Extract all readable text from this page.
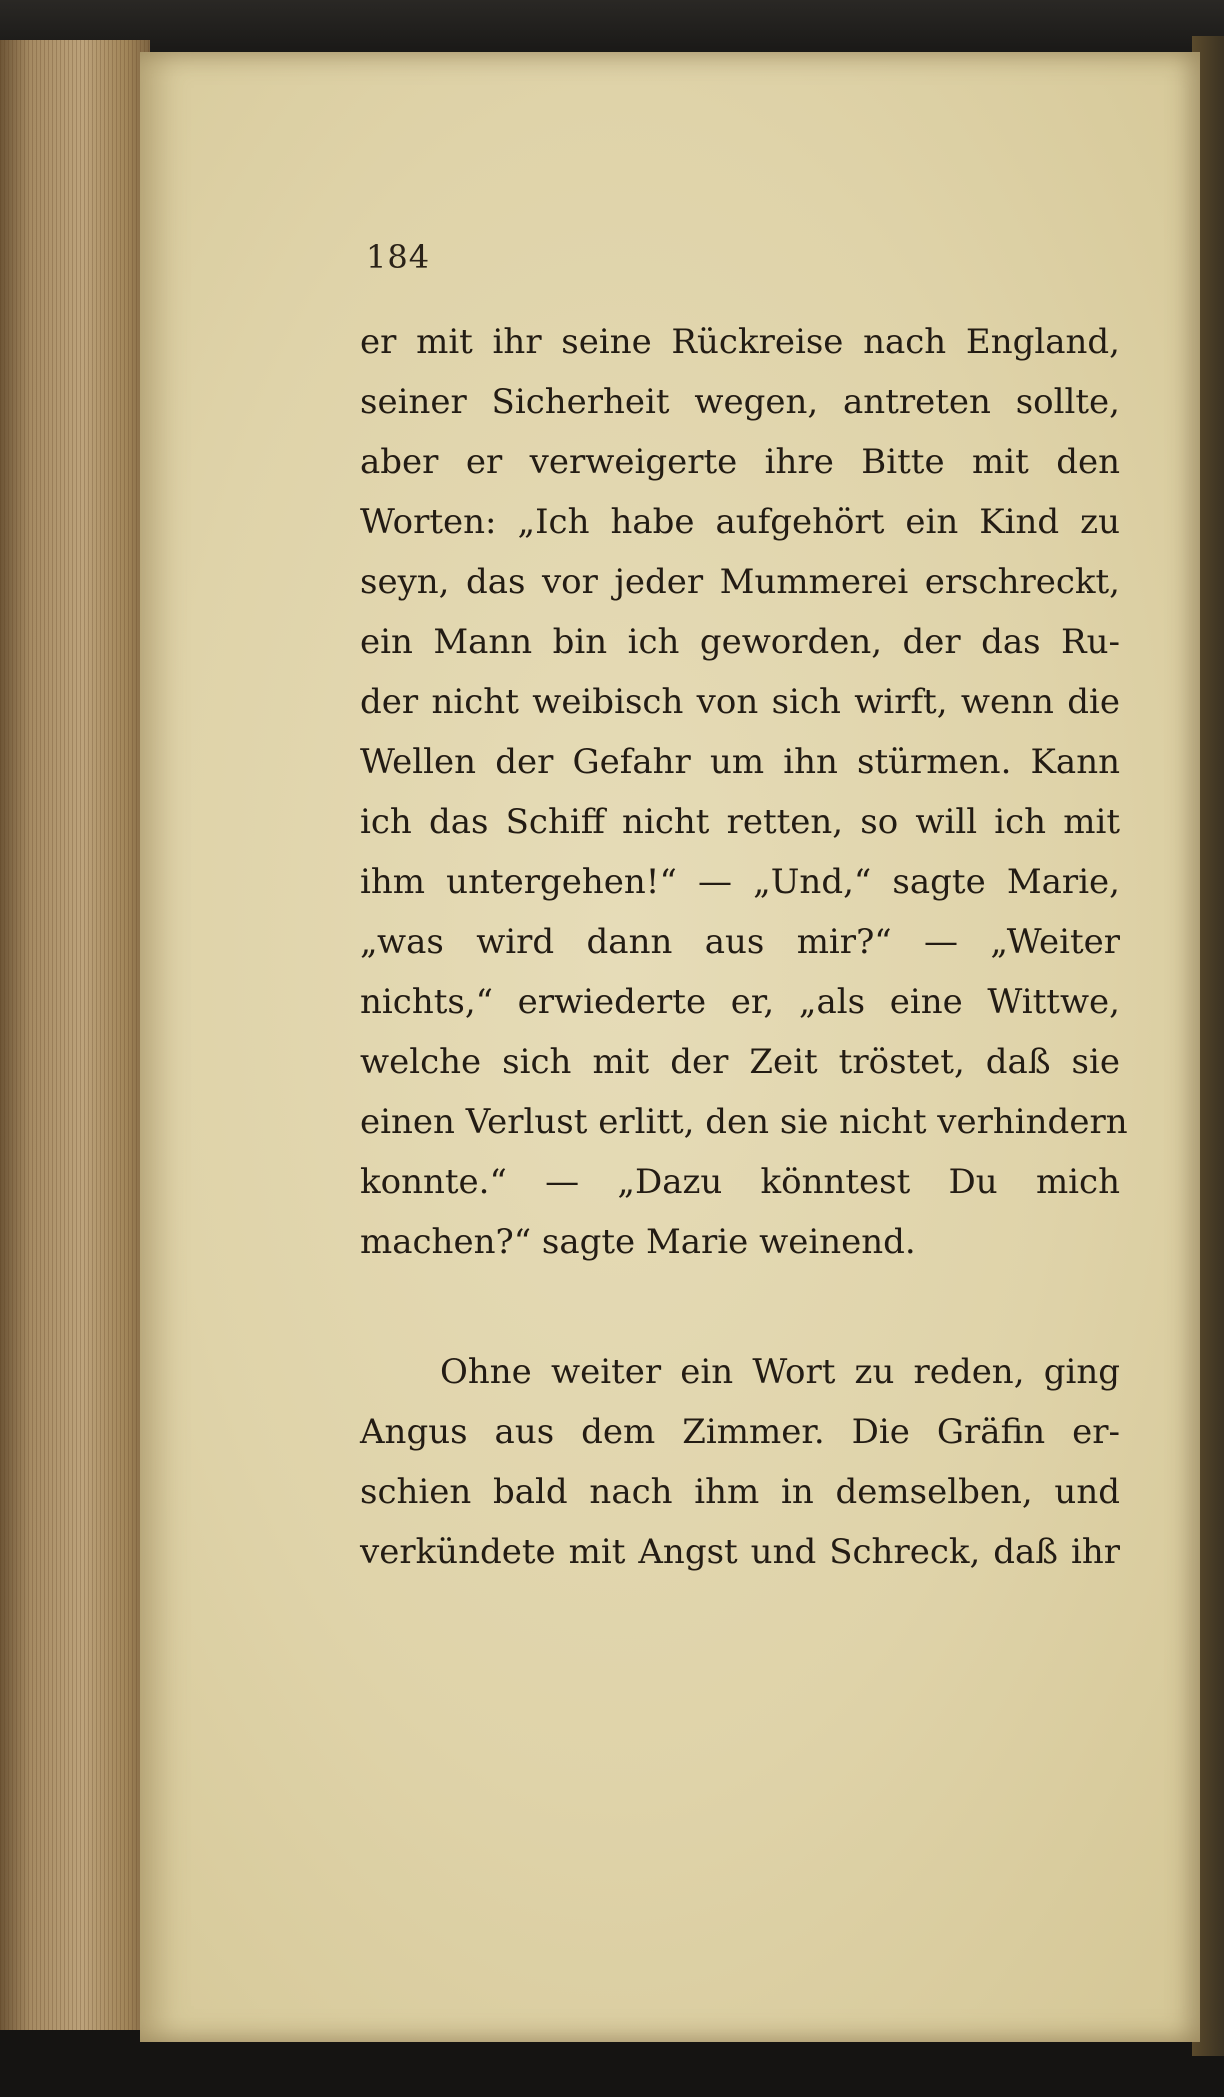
184
er mit ihr seine Rückreise nach England,
seiner Sicherheit wegen, antreten sollte,
aber er verweigerte ihre Bitte mit den
Worten: „Ich habe aufgehört ein Kind zu
seyn, das vor jeder Mummerei erschreckt,
ein Mann bin ich geworden, der das Ru-
der nicht weibisch von sich wirft, wenn die
Wellen der Gefahr um ihn stürmen. Kann
ich das Schiff nicht retten, so will ich mit
ihm untergehen!“ — „Und,“ sagte Marie,
„was wird dann aus mir?“ — „Weiter
nichts,“ erwiederte er, „als eine Wittwe,
welche sich mit der Zeit tröstet, daß sie
einen Verlust erlitt, den sie nicht verhindern
konnte.“ — „Dazu könntest Du mich
machen?“ sagte Marie weinend.
Ohne weiter ein Wort zu reden, ging
Angus aus dem Zimmer. Die Gräfin er-
schien bald nach ihm in demselben, und
verkündete mit Angst und Schreck, daß ihr
